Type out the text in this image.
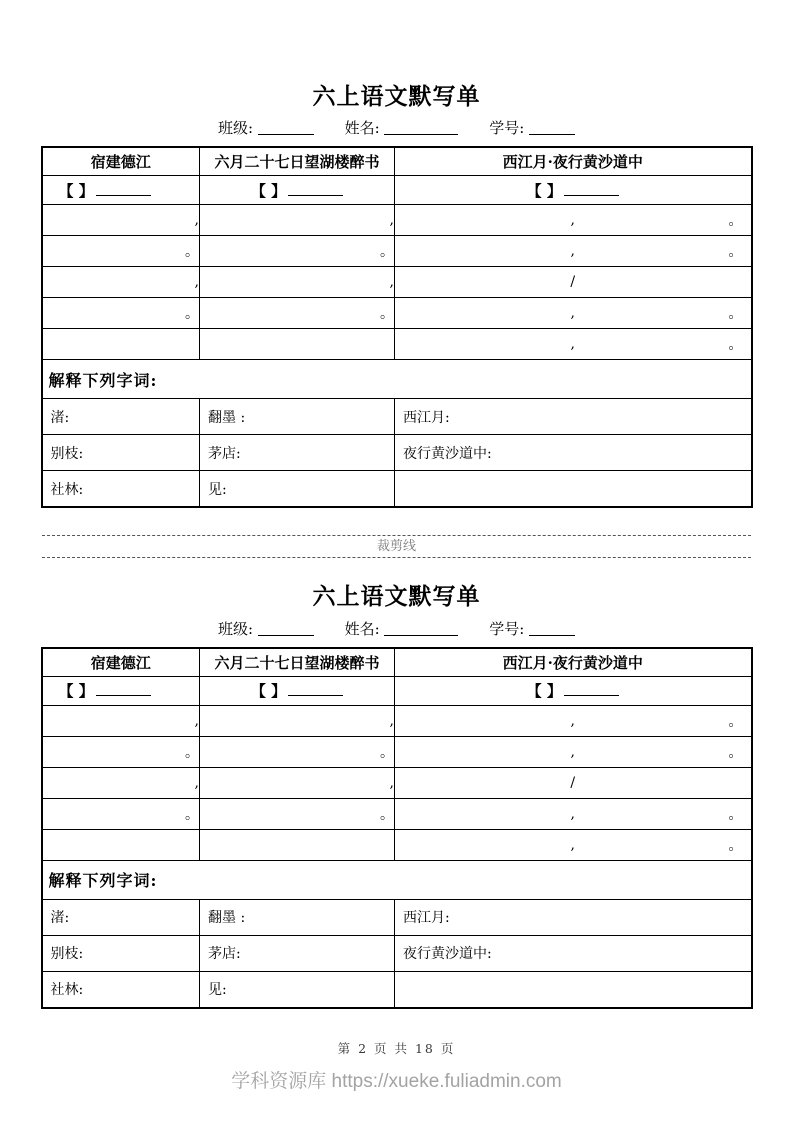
六上语文默写单
班级:	姓名:	学号:
宿建德江	六月二十七日望湖楼醉书	西江月·夜行黄沙道中
【 】	【 】	【 】
,	,	, 。

。	。	, 。

,	,	/

。	。	, 。

		, 。

解释下列字词:		
渚:	翻墨 :	西江月:
别枝:	茅店:	夜行黄沙道中:
社林:	见:	
裁剪线
六上语文默写单
班级:	姓名:	学号:
宿建德江	六月二十七日望湖楼醉书	西江月·夜行黄沙道中
【 】	【 】	【 】
,	,	, 。

。	。	, 。

,	,	/

。	。	, 。

		, 。

解释下列字词:		
渚:	翻墨 :	西江月:
别枝:	茅店:	夜行黄沙道中:
社林:	见:	
第 2 页 共 18 页
学科资源库 https://xueke.fuliadmin.com
